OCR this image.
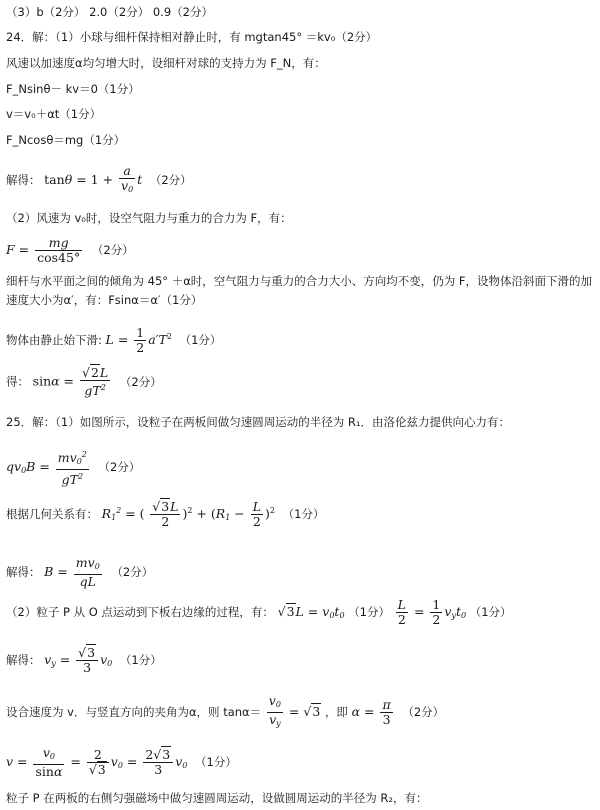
（3）b（2分） 2.0（2分） 0.9（2分）
24．解：（1）小球与细杆保持相对静止时，有 mgtan45° ＝kv₀（2分）
风速以加速度α均匀增大时，设细杆对球的支持力为 F_N，有：
F_Nsinθ－ kv＝0（1分）
v＝v₀＋αt（1分）
F_Ncosθ＝mg（1分）
解得： $\tan\theta = 1 + \frac{a}{v_0}$ t （2分）
（2）风速为 v₀时，设空气阻力与重力的合力为 F，有：
$F = \frac{mg}{\cos 45^\circ} (2$分）
细杆与水平面之间的倾角为 45° ＋α时，空气阻力与重力的合力大小、方向均不变，仍为 F，设物体沿斜面下滑的加速度大小为α′，有：Fsinα＝α′（1分）
物体由静止始下滑: $L = \frac{1}{2} a'T^2$ （1分）
得： $\sin\alpha = \frac{√2L}{gT^2} (2$分）
25．解：（1）如图所示，设粒子在两板间做匀速圆周运动的半径为 R₁．由洛伦兹力提供向心力有：
$qv_0B = \frac{mv_0^2}{gT^2} (2$分）
根据几何关系有： $R_1^2$ = ( $\frac{√3L}{2} )^2 + (R_1 - \frac{L}{2} )^2$ （1分）
解得： $B = \frac{mv_0}{qL} (2$分）
（2）粒子 P 从 O 点运动到下板右边缘的过程，有： $√3L = v_0t_0$ （1分） $\frac{L}{2} = \frac{1}{2} v_yt_0$ （1分）
解得： $v_y = \frac{√3}{3} v_0$ （1分）
设合速度为 v．与竖直方向的夹角为α，则 $\tan\alpha= \frac{v_0}{v_y} = √3$ ，即 $\alpha = \frac{\pi}{3} (2$分）
$v = \frac{v_0}{\sin\alpha} = \frac{2}{√3} v_0 = \frac{2√3}{3} v_0$ （1分）
粒子 P 在两板的右侧匀强磁场中做匀速圆周运动，设做圆周运动的半径为 R₂，有：
